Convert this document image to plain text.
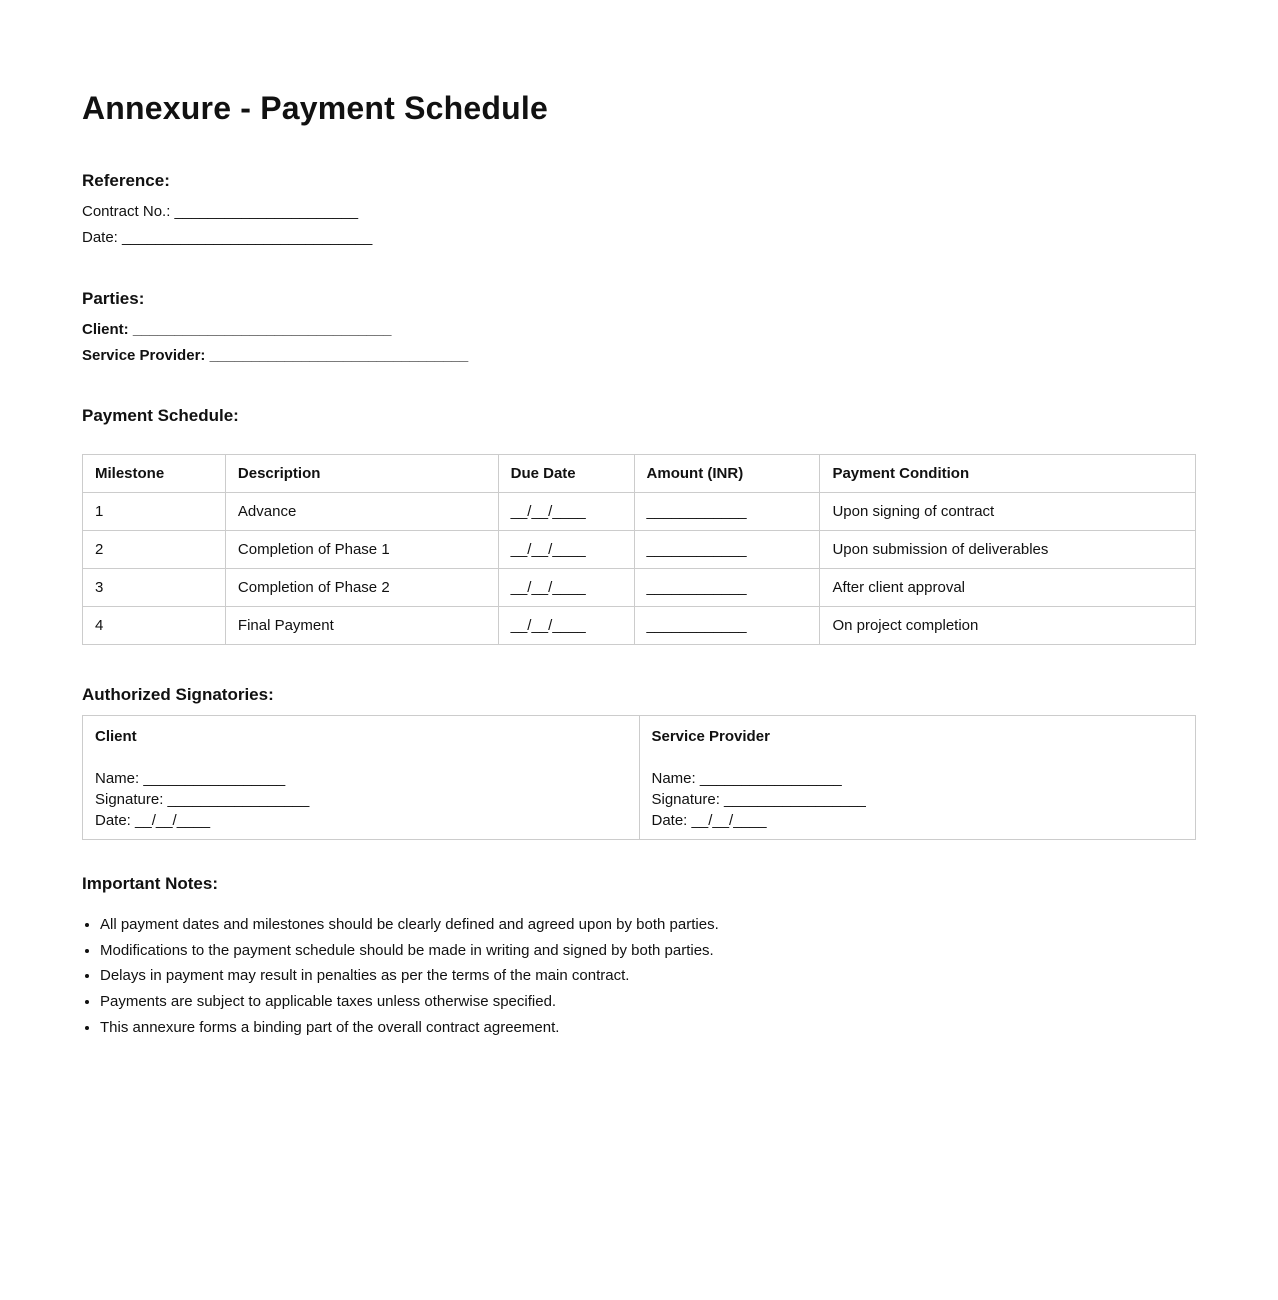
Annexure - Payment Schedule
Reference:
Contract No.: ______________________
Date: ______________________________
Parties:
Client: _______________________________
Service Provider: _______________________________
Payment Schedule:
Milestone	Description	Due Date	Amount (INR)	Payment Condition
1	Advance	__/__/____	____________	Upon signing of contract
2	Completion of Phase 1	__/__/____	____________	Upon submission of deliverables
3	Completion of Phase 2	__/__/____	____________	After client approval
4	Final Payment	__/__/____	____________	On project completion
Authorized Signatories:
Client
Name: _________________
Signature: _________________
Date: __/__/____

Service Provider
Name: _________________
Signature: _________________
Date: __/__/____
Important Notes:
• All payment dates and milestones should be clearly defined and agreed upon by both parties.
• Modifications to the payment schedule should be made in writing and signed by both parties.
• Delays in payment may result in penalties as per the terms of the main contract.
• Payments are subject to applicable taxes unless otherwise specified.
• This annexure forms a binding part of the overall contract agreement.
